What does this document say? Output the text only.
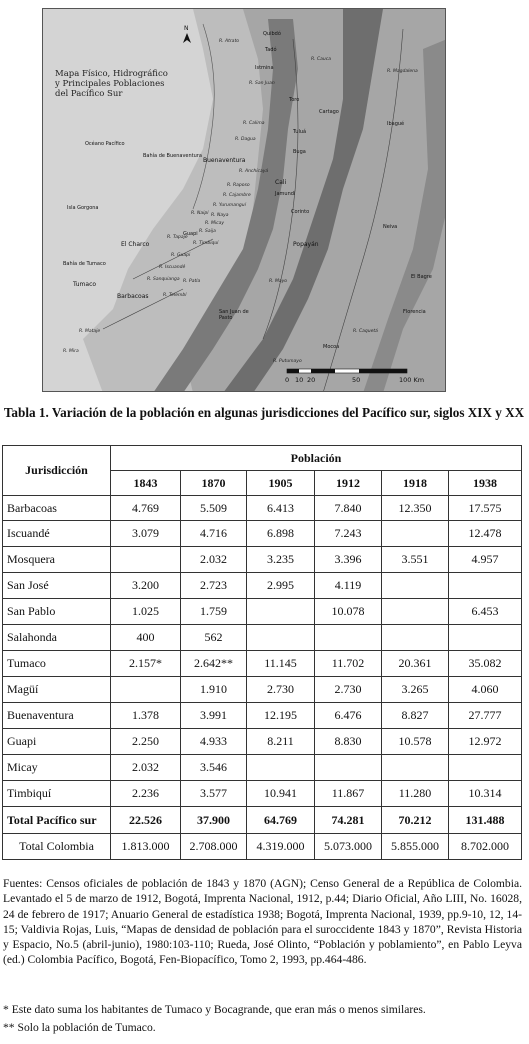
Mapa Físico, Hidrográfico
y Principales Poblaciones
del Pacífico Sur
N
Quibdó
Tadó
Cartago
Ibagué
Tuluá
Toro
Buga
Cali
Buenaventura
Jamundí
Corinto
Popayán
Guapi
El Charco
Tumaco
Barbacoas
San Juan de Pasto
Océano Pacífico
Bahía de Buenaventura
Isla Gorgona
Bahía de Tumaco
Neiva
Florencia
El Bagre
Mocoa
Istmina
R. Atrato
R. San Juan
R. Calima
R. Dagua
R. Anchicayá
R. Raposo
R. Cajambre
R. Yurumanguí
R. Naya
R. Micay
R. Timbiquí
R. Guapi
R. Iscuandé
R. Patía
R. Mira
R. Telembí
R. Cauca
R. Magdalena
R. Caquetá
R. Putumayo
R. Mayo
R. Sanquianga
R. Tapaje
R. Naipí
R. Saija
R. Mataje
0 10 20	50	100 Km
Tabla 1. Variación de la población en algunas jurisdicciones del Pacífico sur, siglos XIX y XX
Jurisdicción	Población					
	1843	1870	1905	1912	1918	1938
Barbacoas	4.769	5.509	6.413	7.840	12.350	17.575
Iscuandé	3.079	4.716	6.898	7.243		12.478
Mosquera		2.032	3.235	3.396	3.551	4.957
San José	3.200	2.723	2.995	4.119		
San Pablo	1.025	1.759		10.078		6.453
Salahonda	400	562				
Tumaco	2.157*	2.642**	11.145	11.702	20.361	35.082
Magüí		1.910	2.730	2.730	3.265	4.060
Buenaventura	1.378	3.991	12.195	6.476	8.827	27.777
Guapi	2.250	4.933	8.211	8.830	10.578	12.972
Micay	2.032	3.546				
Timbiquí	2.236	3.577	10.941	11.867	11.280	10.314
Total Pacífico sur	22.526	37.900	64.769	74.281	70.212	131.488
Total Colombia	1.813.000	2.708.000	4.319.000	5.073.000	5.855.000	8.702.000
Fuentes: Censos oficiales de población de 1843 y 1870 (AGN); Censo General de a República de Colombia. Levantado el 5 de marzo de 1912, Bogotá, Imprenta Nacional, 1912, p.44; Diario Oficial, Año LIII, No. 16028, 24 de febrero de 1917; Anuario General de estadística 1938; Bogotá, Imprenta Nacional, 1939, pp.9-10, 12, 14-15; Valdivia Rojas, Luis, “Mapas de densidad de población para el suroccidente 1843 y 1870”, Revista Historia y Espacio, No.5 (abril-junio), 1980:103-110; Rueda, José Olinto, “Población y poblamiento”, en Pablo Leyva (ed.) Colombia Pacífico, Bogotá, Fen-Biopacífico, Tomo 2, 1993, pp.464-486.
* Este dato suma los habitantes de Tumaco y Bocagrande, que eran más o menos similares.
** Solo la población de Tumaco.
